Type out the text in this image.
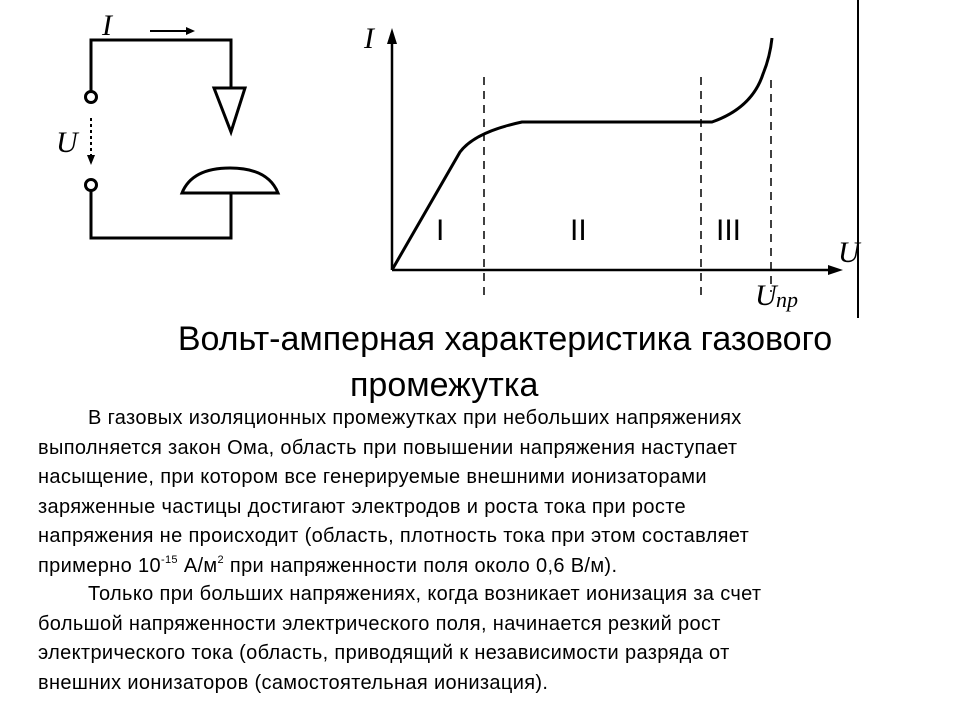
I
U
I
U
U пр
I	II	III
Вольт-амперная характеристика газового
промежутка
В газовых изоляционных промежутках при небольших напряжениях
выполняется закон Ома, область при повышении напряжения наступает
насыщение, при котором все генерируемые внешними ионизаторами
заряженные частицы достигают электродов и роста тока при росте
напряжения не происходит (область, плотность тока при этом составляет
примерно $10^{-15}$ $А/м^2$ при напряженности поля около 0,6 В/м).
Только при больших напряжениях, когда возникает ионизация за счет
большой напряженности электрического поля, начинается резкий рост
электрического тока (область, приводящий к независимости разряда от
внешних ионизаторов (самостоятельная ионизация).
